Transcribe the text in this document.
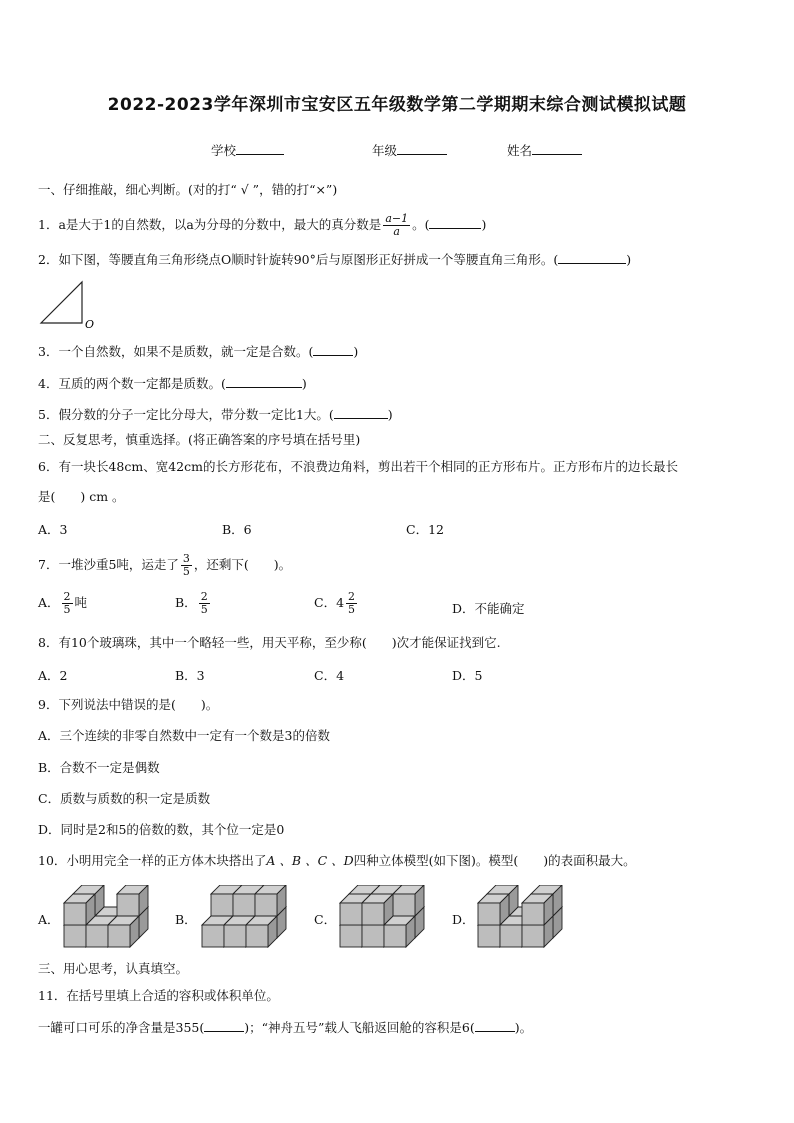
2022-2023学年深圳市宝安区五年级数学第二学期期末综合测试模拟试题
学校	年级	姓名
一、仔细推敲，细心判断。(对的打“ √ ”，错的打“×”)
1．a是大于1的自然数，以a为分母的分数中，最大的真分数是 $\frac{a-1}{a}$ 。(	)
2．如下图，等腰直角三角形绕点O顺时针旋转90°后与原图形正好拼成一个等腰直角三角形。(	)
O
3．一个自然数，如果不是质数，就一定是合数。(	)
4．互质的两个数一定都是质数。(	)
5．假分数的分子一定比分母大，带分数一定比1大。(	)
二、反复思考，慎重选择。(将正确答案的序号填在括号里)
6．有一块长48cm、宽42cm的长方形花布，不浪费边角料，剪出若干个相同的正方形布片。正方形布片的边长最长
是(　　) cm 。
A．3	B．6	C．12
7．一堆沙重5吨，运走了 $\frac{3}{5}$ ，还剩下(　　)。
A． $\frac{2}{5}$ 吨	B． $\frac{2}{5}$	C．$4 \frac{2}{5}$	D．不能确定
8．有10个玻璃珠，其中一个略轻一些，用天平称，至少称(　　)次才能保证找到它.
A．2	B．3	C．4	D．5
9．下列说法中错误的是(　　)。
A．三个连续的非零自然数中一定有一个数是3的倍数
B．合数不一定是偶数
C．质数与质数的积一定是质数
D．同时是2和5的倍数的数，其个位一定是0
10．小明用完全一样的正方体木块搭出了A 、B 、C 、D四种立体模型(如下图)。模型(　　)的表面积最大。
A．	B．	C．	D．
三、用心思考，认真填空。
11．在括号里填上合适的容积或体积单位。
一罐可口可乐的净含量是355(	)；“神舟五号”载人飞船返回舱的容积是6(	)。
